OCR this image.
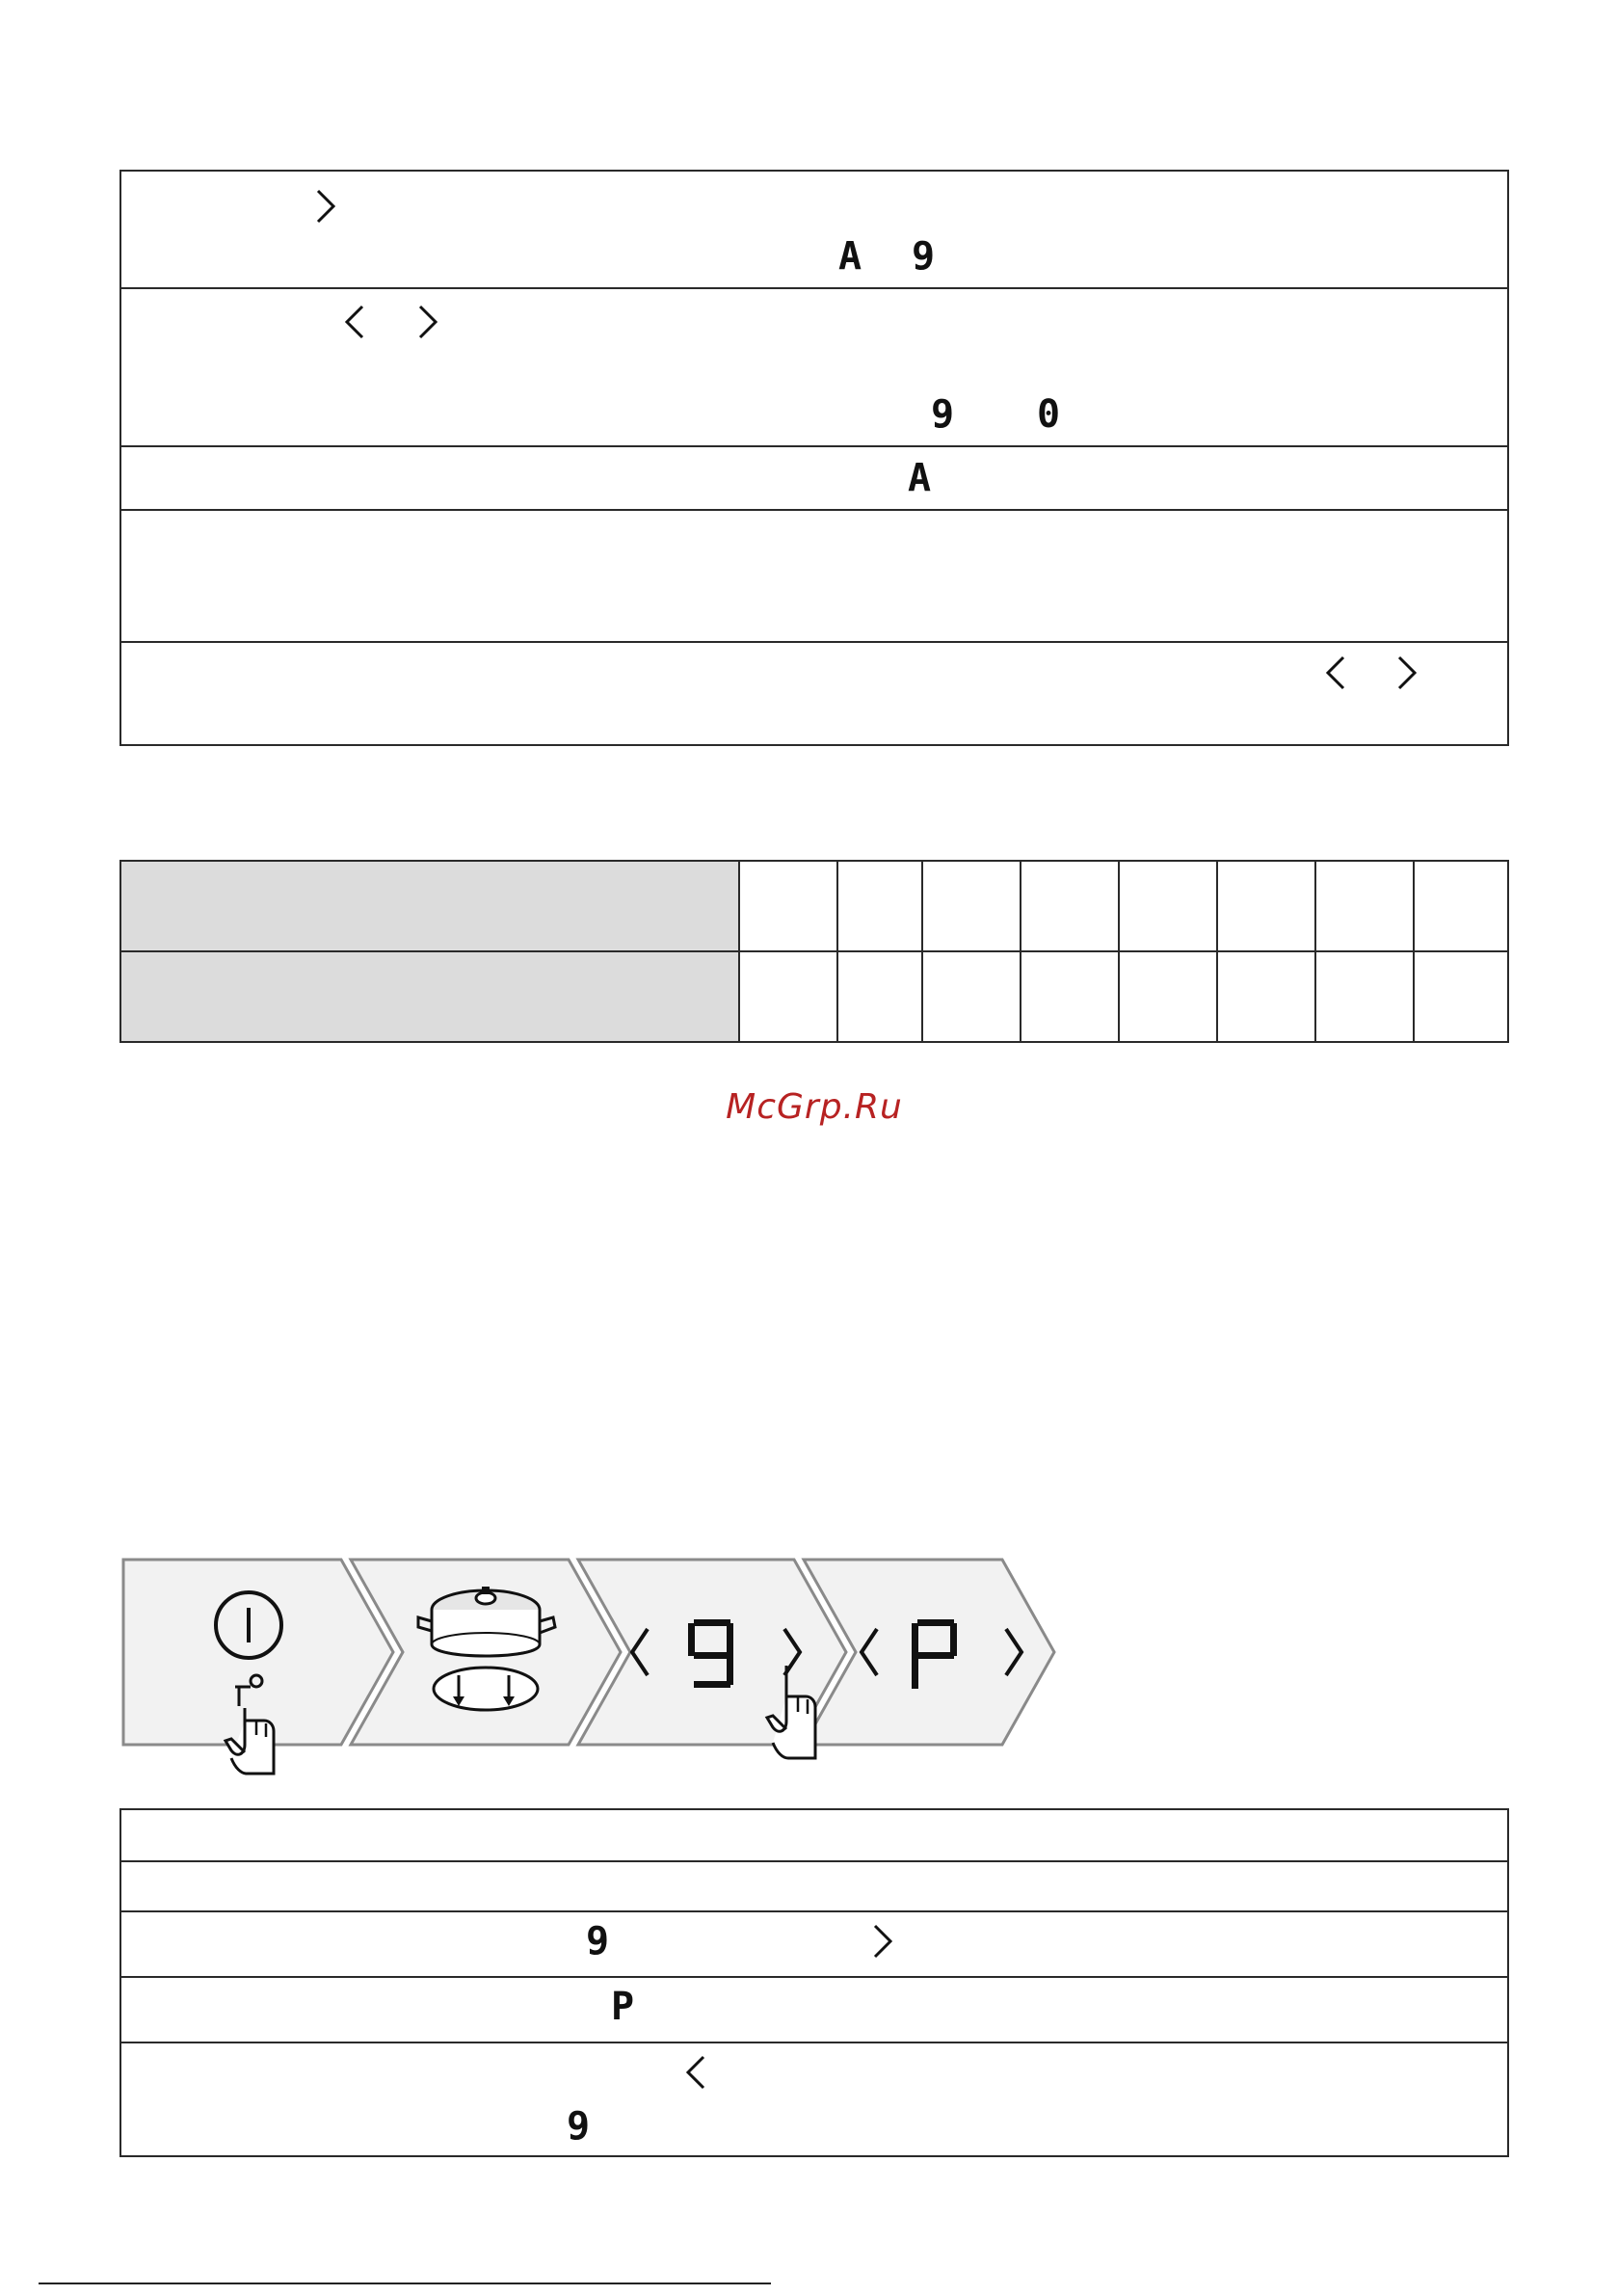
A 9
9 0
A
McGrp.Ru
9
P
9
